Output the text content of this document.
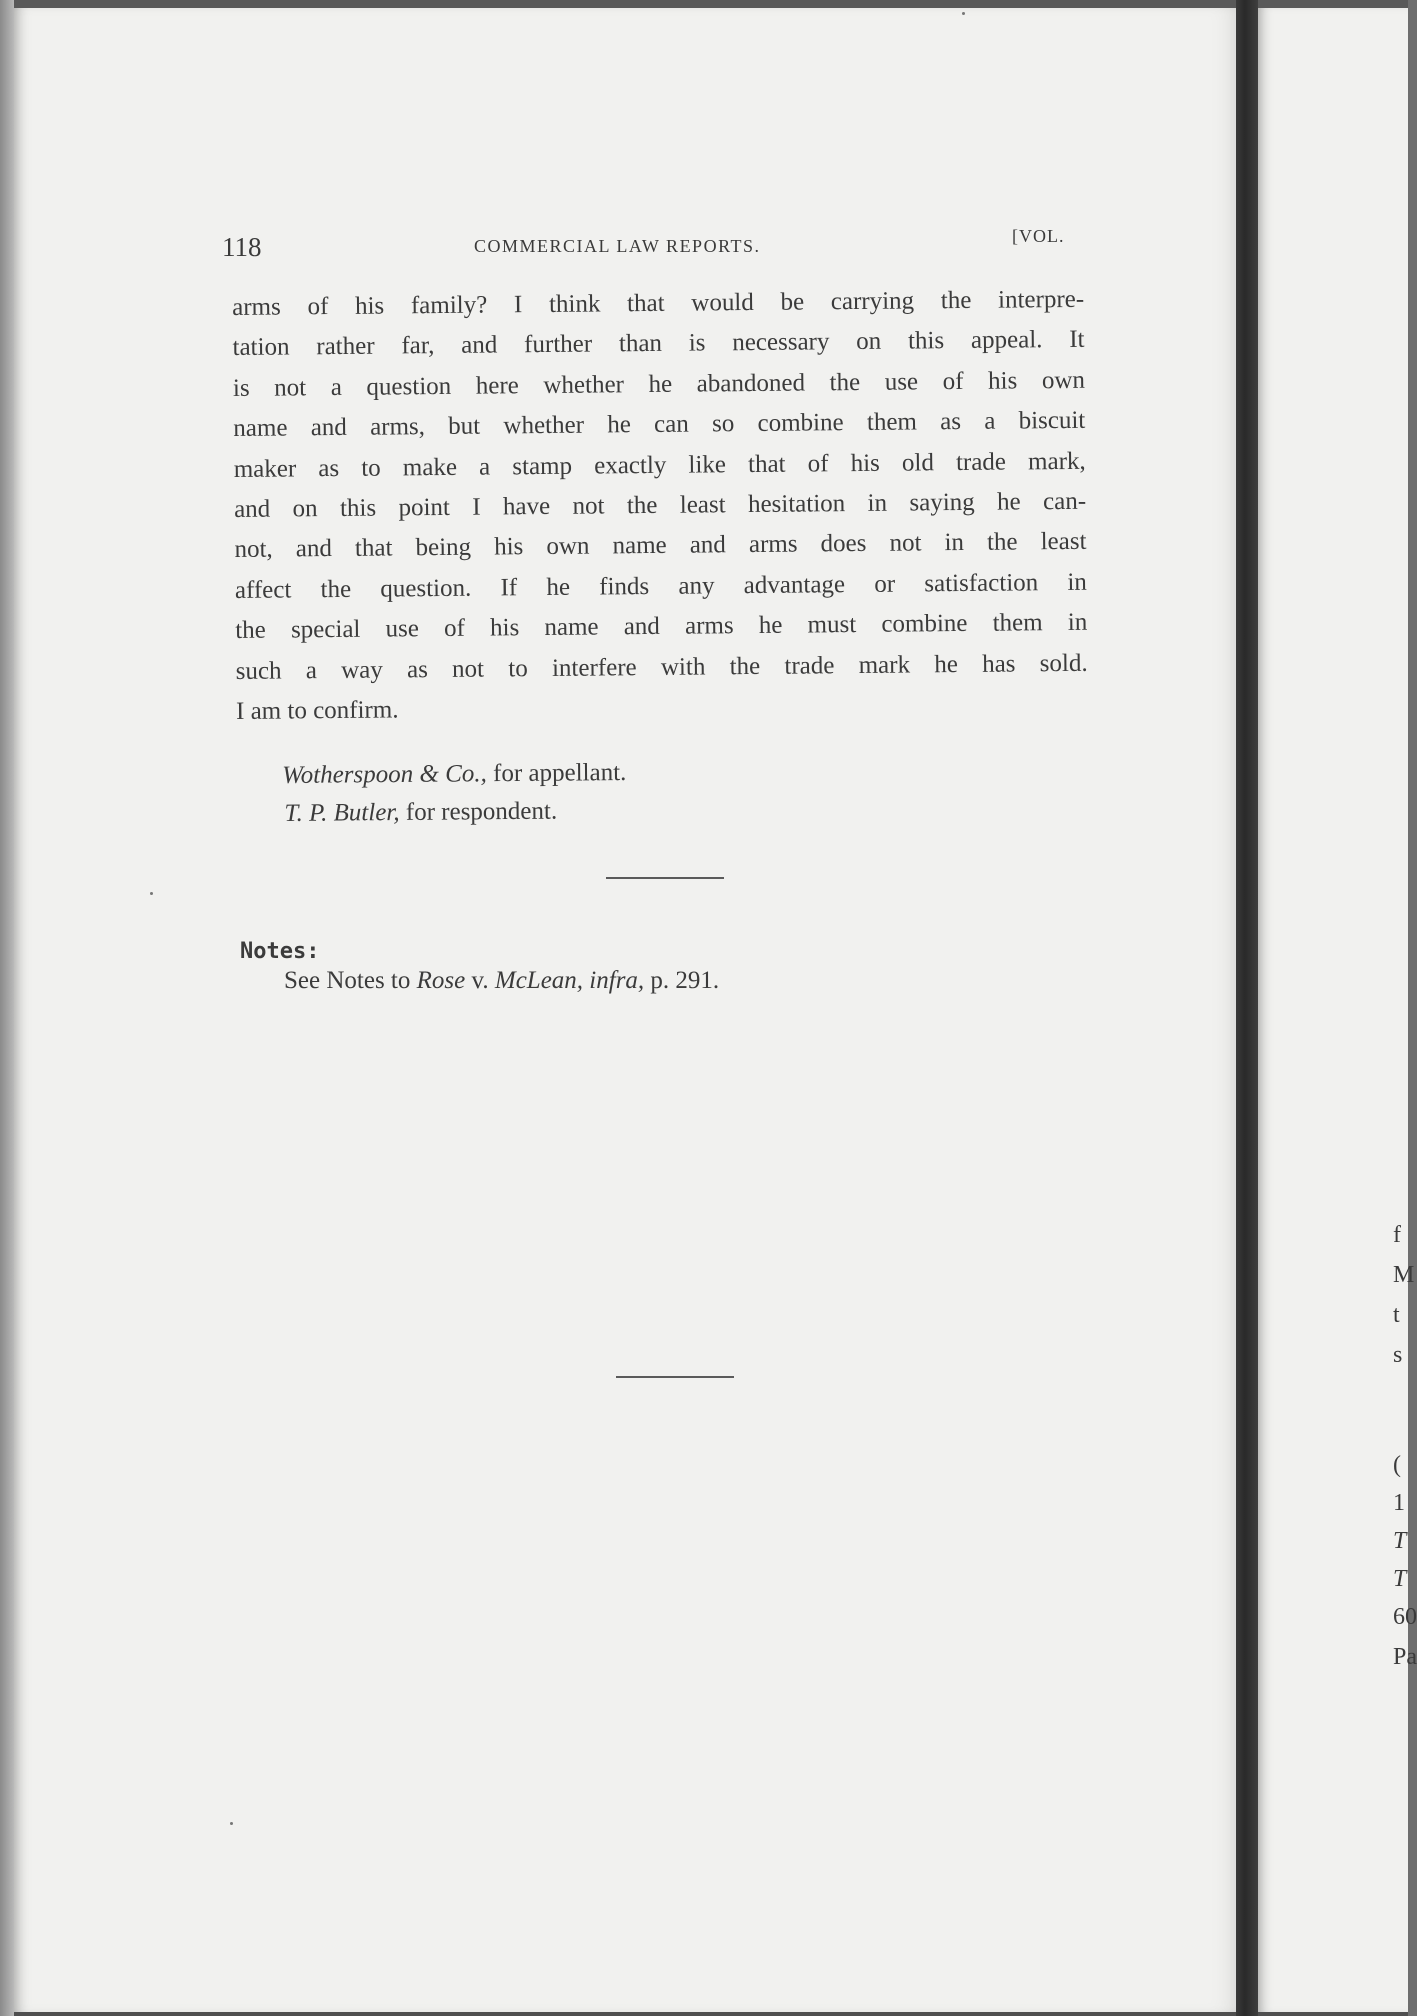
118	COMMERCIAL LAW REPORTS.	[VOL.
arms of his family? I think that would be carrying the interpre-
tation rather far, and further than is necessary on this appeal. It
is not a question here whether he abandoned the use of his own
name and arms, but whether he can so combine them as a biscuit
maker as to make a stamp exactly like that of his old trade mark,
and on this point I have not the least hesitation in saying he can-
not, and that being his own name and arms does not in the least
affect the question. If he finds any advantage or satisfaction in
the special use of his name and arms he must combine them in
such a way as not to interfere with the trade mark he has sold.
I am to confirm.
Wotherspoon & Co., for appellant.
T. P. Butler, for respondent.
Notes:
See Notes to Rose v. McLean, infra, p. 291.
f
M
t
s
(
1
T
T
60
Pa
